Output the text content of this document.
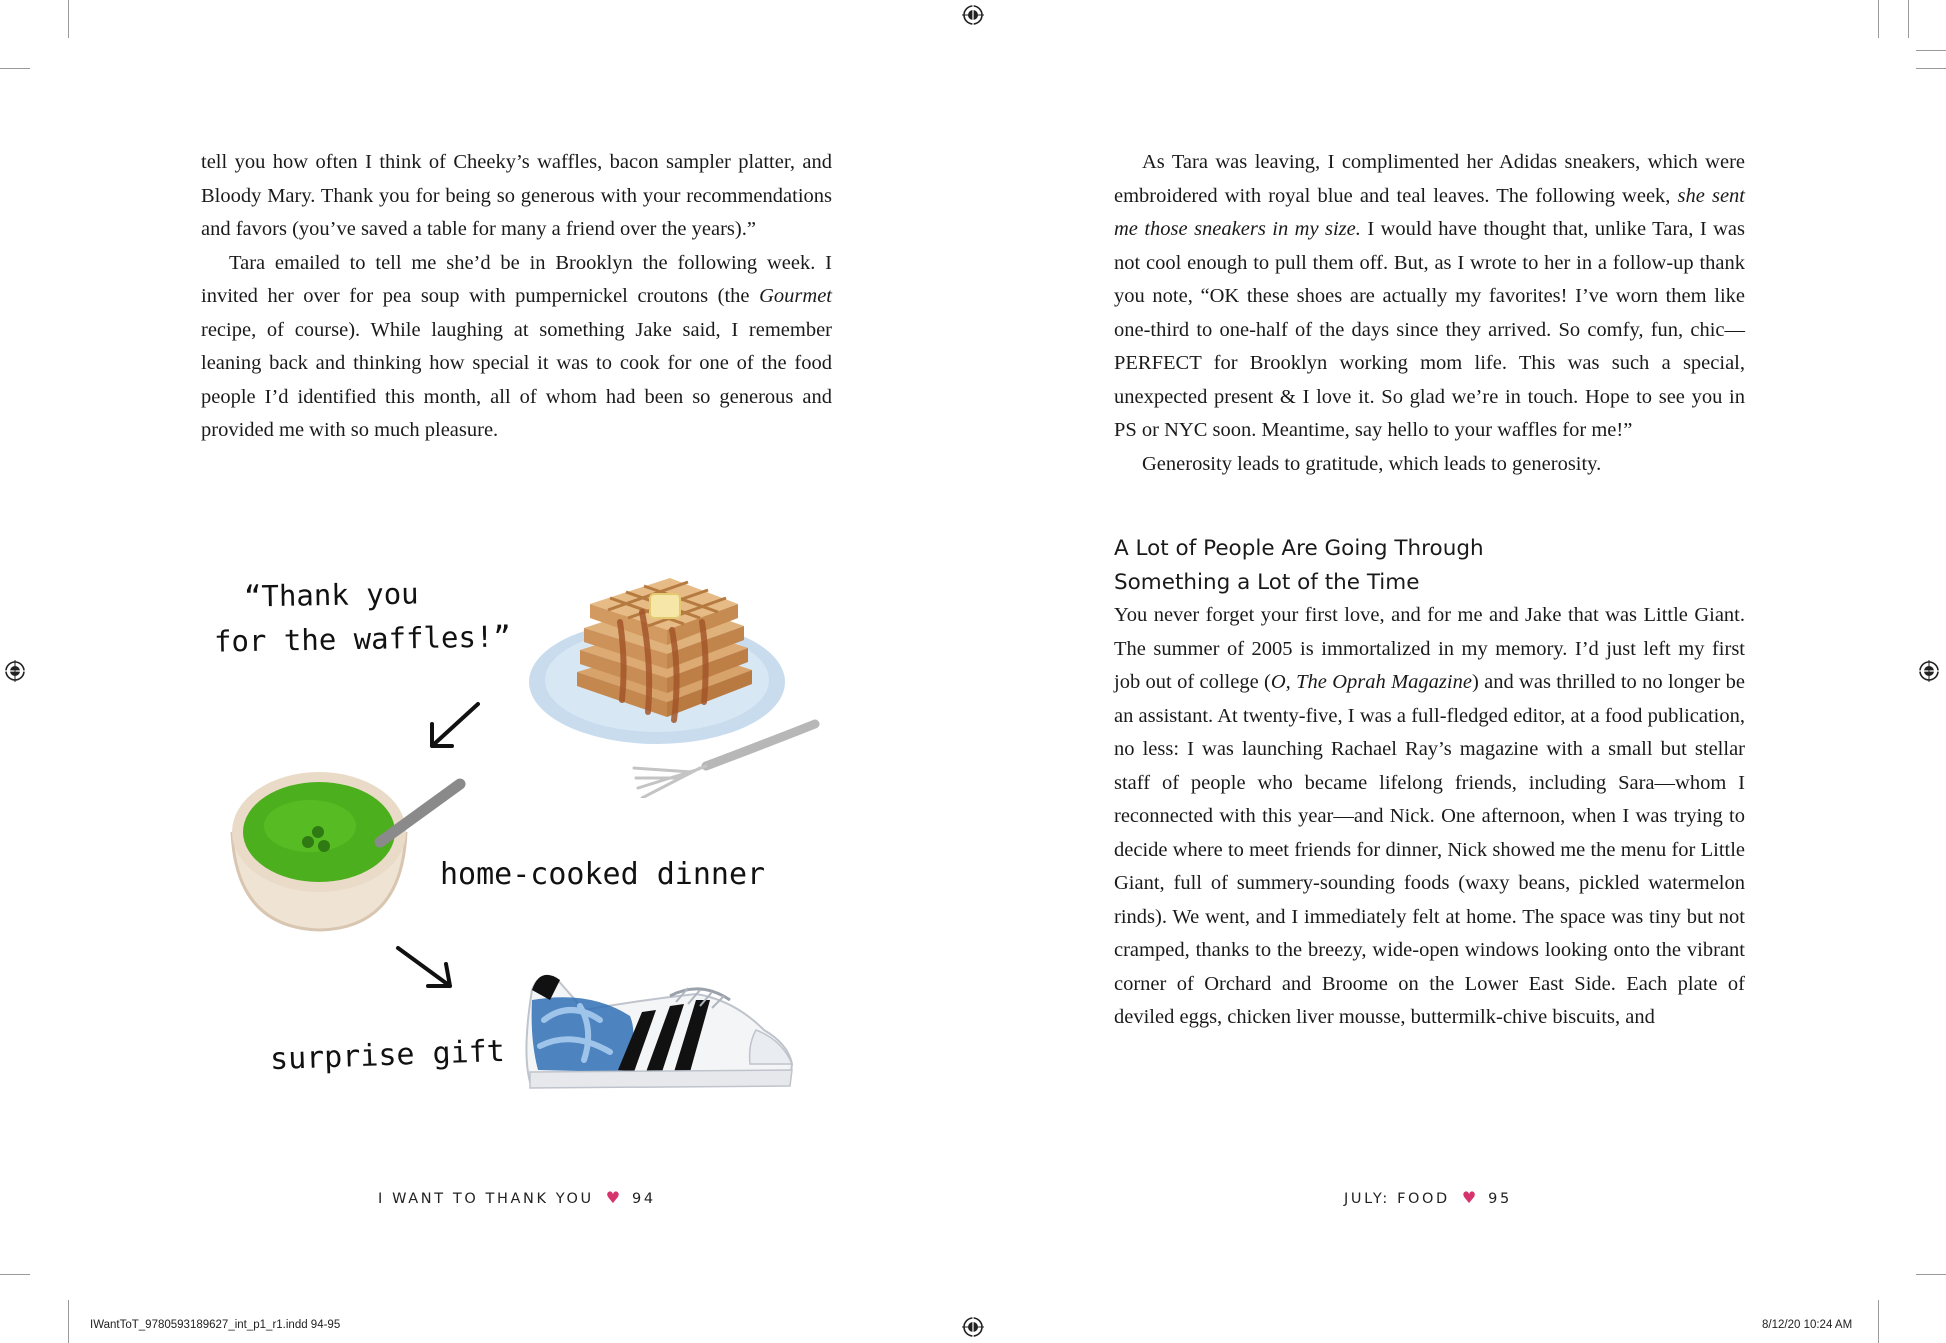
tell you how often I think of Cheeky’s waffles, bacon sampler platter, and Bloody Mary. Thank you for being so generous with your recommendations and favors (you’ve saved a table for many a friend over the years).”

Tara emailed to tell me she’d be in Brooklyn the following week. I invited her over for pea soup with pumpernickel croutons (the Gourmet recipe, of course). While laughing at something Jake said, I remember leaning back and thinking how special it was to cook for one of the food people I’d identified this month, all of whom had been so generous and provided me with so much pleasure.

“Thank you
for the waffles!”
home-cooked dinner
surprise gift
I WANT TO THANK YOU ♥ 94

As Tara was leaving, I complimented her Adidas sneakers, which were embroidered with royal blue and teal leaves. The following week, she sent me those sneakers in my size. I would have thought that, unlike Tara, I was not cool enough to pull them off. But, as I wrote to her in a follow-up thank you note, “OK these shoes are actually my favorites! I’ve worn them like one-third to one-half of the days since they arrived. So comfy, fun, chic—PERFECT for Brooklyn working mom life. This was such a special, unexpected present & I love it. So glad we’re in touch. Hope to see you in PS or NYC soon. Meantime, say hello to your waffles for me!”

Generosity leads to gratitude, which leads to generosity.

A Lot of People Are Going Through
Something a Lot of the Time

You never forget your first love, and for me and Jake that was Little Giant. The summer of 2005 is immortalized in my memory. I’d just left my first job out of college (O, The Oprah Magazine) and was thrilled to no longer be an assistant. At twenty-five, I was a full-fledged editor, at a food publication, no less: I was launching Rachael Ray’s magazine with a small but stellar staff of people who became lifelong friends, including Sara—whom I reconnected with this year—and Nick. One afternoon, when I was trying to decide where to meet friends for dinner, Nick showed me the menu for Little Giant, full of summery-sounding foods (waxy beans, pickled watermelon rinds). We went, and I immediately felt at home. The space was tiny but not cramped, thanks to the breezy, wide-open windows looking onto the vibrant corner of Orchard and Broome on the Lower East Side. Each plate of deviled eggs, chicken liver mousse, buttermilk-chive biscuits, and

JULY: FOOD ♥ 95
IWantToT_9780593189627_int_p1_r1.indd 94-95	8/12/20 10:24 AM
